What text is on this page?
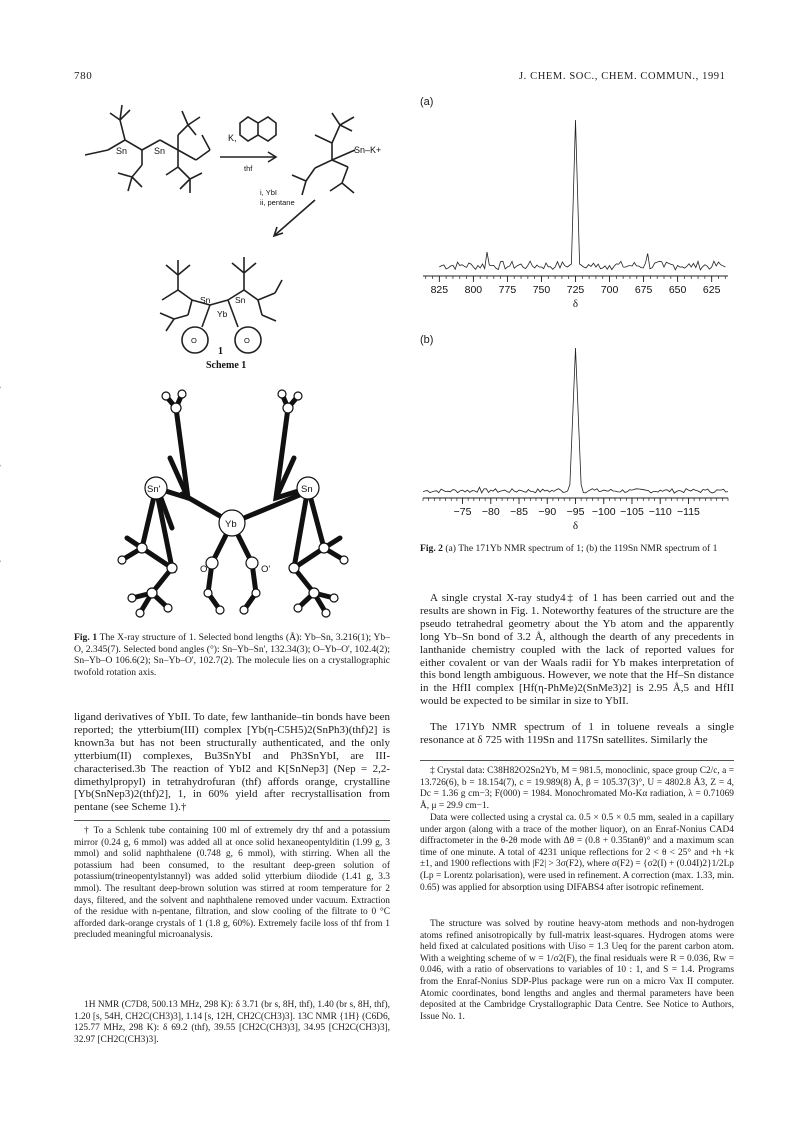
780	J. CHEM. SOC., CHEM. COMMUN., 1991
Sn	Sn	Sn–K+
K,
thf
i, YbI
ii, pentane
Sn	Sn
Yb
O	O
1
Scheme 1
Sn'	Sn
Yb
O	O'

Fig. 1 The X-ray structure of 1. Selected bond lengths (Å): Yb–Sn, 3.216(1); Yb–O, 2.345(7). Selected bond angles (°): Sn–Yb–Sn', 132.34(3); O–Yb–O', 102.4(2); Sn–Yb–O 106.6(2); Sn–Yb–O', 102.7(2). The molecule lies on a crystallographic twofold rotation axis.

ligand derivatives of YbII. To date, few lanthanide–tin bonds have been reported; the ytterbium(III) complex [Yb(η-C5H5)2(SnPh3)(thf)2] is known3a but has not been structurally authenticated, and the only ytterbium(II) complexes, Bu3SnYbI and Ph3SnYbI, are III-characterised.3b The reaction of YbI2 and K[SnNep3] (Nep = 2,2-dimethylpropyl) in tetrahydrofuran (thf) affords orange, crystalline [Yb(SnNep3)2(thf)2], 1, in 60% yield after recrystallisation from pentane (see Scheme 1).†

† To a Schlenk tube containing 100 ml of extremely dry thf and a potassium mirror (0.24 g, 6 mmol) was added all at once solid hexaneopentylditin (1.99 g, 3 mmol) and solid naphthalene (0.748 g, 6 mmol), with stirring. When all the potassium had been consumed, to the resultant deep-green solution of potassium(trineopentylstannyl) was added solid ytterbium diiodide (1.41 g, 3.3 mmol). The resultant deep-brown solution was stirred at room temperature for 2 days, filtered, and the solvent and naphthalene removed under vacuum. Extraction of the residue with n-pentane, filtration, and slow cooling of the filtrate to 0 °C afforded dark-orange crystals of 1 (1.8 g, 60%). Extremely facile loss of thf from 1 precluded meaningful microanalysis.

1H NMR (C7D8, 500.13 MHz, 298 K): δ 3.71 (br s, 8H, thf), 1.40 (br s, 8H, thf), 1.20 [s, 54H, CH2C(CH3)3], 1.14 [s, 12H, CH2C(CH3)3]. 13C NMR {1H} (C6D6, 125.77 MHz, 298 K): δ 69.2 (thf), 39.55 [CH2C(CH3)3], 34.95 [CH2C(CH3)3], 32.97 [CH2C(CH3)3].

(a)
825 800 775 750 725 700 675 650 625
δ
(b)
−75 −80 −85 −90 −95 −100 −105 −110 −115
δ

Fig. 2 (a) The 171Yb NMR spectrum of 1; (b) the 119Sn NMR spectrum of 1

A single crystal X-ray study4‡ of 1 has been carried out and the results are shown in Fig. 1. Noteworthy features of the structure are the pseudo tetrahedral geometry about the Yb atom and the apparently long Yb–Sn bond of 3.2 Å, although the dearth of any precedents in lanthanide chemistry coupled with the lack of reported values for either covalent or van der Waals radii for Yb makes interpretation of this bond length ambiguous. However, we note that the Hf–Sn distance in the HfII complex [Hf(η-PhMe)2(SnMe3)2] is 2.95 Å,5 and HfII would be expected to be similar in size to YbII.

The 171Yb NMR spectrum of 1 in toluene reveals a single resonance at δ 725 with 119Sn and 117Sn satellites. Similarly the

‡ Crystal data: C38H82O2Sn2Yb, M = 981.5, monoclinic, space group C2/c, a = 13.726(6), b = 18.154(7), c = 19.989(8) Å, β = 105.37(3)°, U = 4802.8 Å3, Z = 4, Dc = 1.36 g cm−3; F(000) = 1984. Monochromated Mo-Kα radiation, λ = 0.71069 Å, μ = 29.9 cm−1.

Data were collected using a crystal ca. 0.5 × 0.5 × 0.5 mm, sealed in a capillary under argon (along with a trace of the mother liquor), on an Enraf-Nonius CAD4 diffractometer in the θ-2θ mode with Δθ = (0.8 + 0.35tanθ)° and a maximum scan time of one minute. A total of 4231 unique reflections for 2 < θ < 25° and +h +k ±1, and 1900 reflections with |F2| > 3σ(F2), where σ(F2) = {σ2(I) + (0.04I)2}1/2Lp (Lp = Lorentz polarisation), were used in refinement. A correction (max. 1.33, min. 0.65) was applied for absorption using DIFABS4 after isotropic refinement.

The structure was solved by routine heavy-atom methods and non-hydrogen atoms refined anisotropically by full-matrix least-squares. Hydrogen atoms were held fixed at calculated positions with Uiso = 1.3 Ueq for the parent carbon atom. With a weighting scheme of w = 1/σ2(F), the final residuals were R = 0.036, Rw = 0.046, with a ratio of observations to variables of 10 : 1, and S = 1.4. Programs from the Enraf-Nonius SDP-Plus package were run on a micro Vax II computer. Atomic coordinates, bond lengths and angles and thermal parameters have been deposited at the Cambridge Crystallographic Data Centre. See Notice to Authors, Issue No. 1.
